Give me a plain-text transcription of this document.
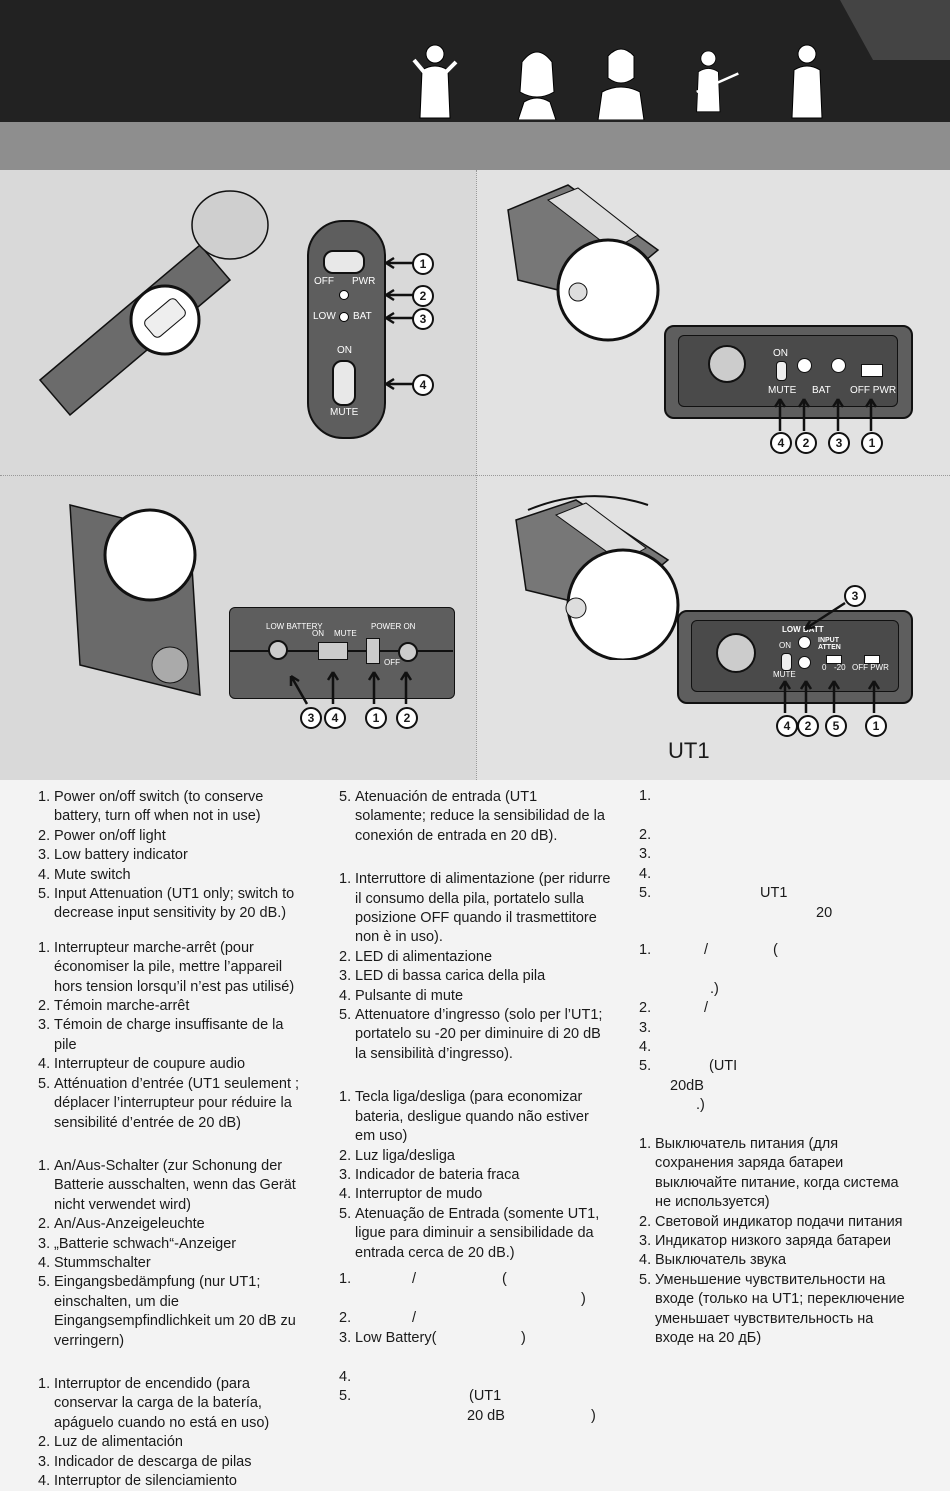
OFF PWR
LOW BAT
ON
MUTE
1
2
3
4
ON
MUTE BAT OFF PWR
4	2	3	1
LOW BATTERY
ON MUTE
POWER ON
OFF
3	4	1	2
LOW BATT
ON
MUTE
INPUT ATTEN
0 -20 OFF PWR
3
4	2	5	1
UT1
1. Power on/off switch (to conserve battery, turn off when not in use)
2. Power on/off light
3. Low battery indicator
4. Mute switch
5. Input Attenuation (UT1 only; switch to decrease input sensitivity by 20 dB.)
1. Interrupteur marche-arrêt (pour économiser la pile, mettre l’appareil hors tension lorsqu’il n’est pas utilisé)
2. Témoin marche-arrêt
3. Témoin de charge insuffisante de la pile
4. Interrupteur de coupure audio
5. Atténuation d’entrée (UT1 seulement ; déplacer l’interrupteur pour réduire la sensibilité d’entrée de 20 dB)
1. An/Aus-Schalter (zur Schonung der Batterie ausschalten, wenn das Gerät nicht verwendet wird)
2. An/Aus-Anzeigeleuchte
3. „Batterie schwach“-Anzeiger
4. Stummschalter
5. Eingangsbedämpfung (nur UT1; einschalten, um die Eingangsempfindlichkeit um 20 dB zu verringern)
1. Interruptor de encendido (para conservar la carga de la batería, apáguelo cuando no está en uso)
2. Luz de alimentación
3. Indicador de descarga de pilas
4. Interruptor de silenciamiento
5. Atenuación de entrada (UT1 solamente; reduce la sensibilidad de la conexión de entrada en 20 dB).
1. Interruttore di alimentazione (per ridurre il consumo della pila, portatelo sulla posizione OFF quando il trasmettitore non è in uso).
2. LED di alimentazione
3. LED di bassa carica della pila
4. Pulsante di mute
5. Attenuatore d’ingresso (solo per l’UT1; portatelo su -20 per diminuire di 20 dB la sensibilità d’ingresso).
1. Tecla liga/desliga (para economizar bateria, desligue quando não estiver em uso)
2. Luz liga/desliga
3. Indicador de bateria fraca
4. Interruptor de mudo
5. Atenuação de Entrada (somente UT1, ligue para diminuir a sensibilidade da entrada cerca de 20 dB.)
1.	/	(
)
2.	/
3. Low Battery(	)
4.
5.	(UT1
20 dB	)
1.
2.
3.
4.
5.	UT1
20
1.	/	(
.)
2.	/
3.
4.
5.	(UTI
20dB
.)
1. Выключатель питания (для сохранения заряда батареи выключайте питание, когда система не используется)
2. Световой индикатор подачи питания
3. Индикатор низкого заряда батареи
4. Выключатель звука
5. Уменьшение чувствительности на входе (только на UT1; переключение уменьшает чувствительность на входе на 20 дБ)
